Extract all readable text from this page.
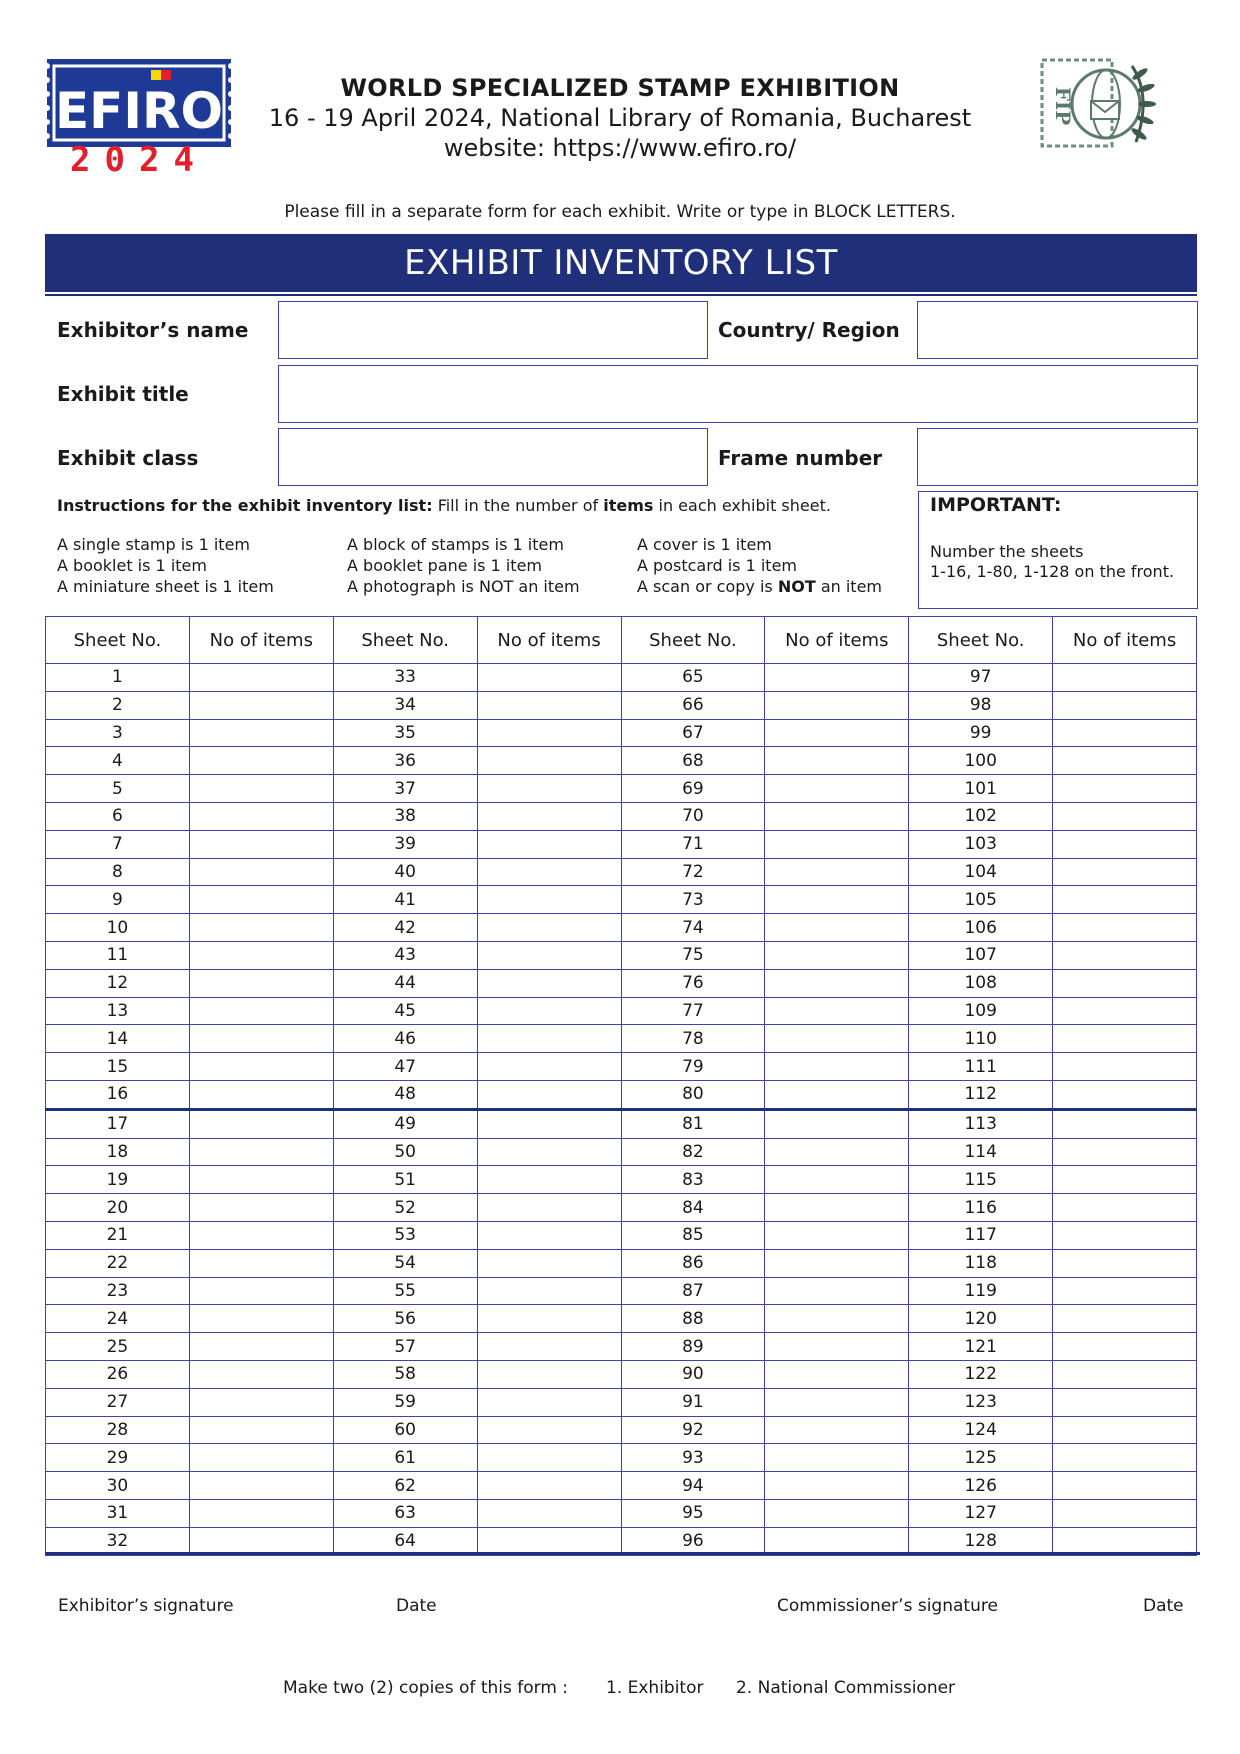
EFIRO
2024
FIP
WORLD SPECIALIZED STAMP EXHIBITION
16 - 19 April 2024, National Library of Romania, Bucharest
website: https://www.efiro.ro/
Please fill in a separate form for each exhibit. Write or type in BLOCK LETTERS.
EXHIBIT INVENTORY LIST
Exhibitor’s name	Country/ Region
Exhibit title
Exhibit class	Frame number
Instructions for the exhibit inventory list: Fill in the number of items in each exhibit sheet.
A single stamp is 1 item
A booklet is 1 item
A miniature sheet is 1 item
A block of stamps is 1 item
A booklet pane is 1 item
A photograph is NOT an item
A cover is 1 item
A postcard is 1 item
A scan or copy is NOT an item
IMPORTANT:
Number the sheets
1-16, 1-80, 1-128 on the front.
Sheet No.	No of items	Sheet No.	No of items	Sheet No.	No of items	Sheet No.	No of items
1		33		65		97	
2		34		66		98	
3		35		67		99	
4		36		68		100	
5		37		69		101	
6		38		70		102	
7		39		71		103	
8		40		72		104	
9		41		73		105	
10		42		74		106	
11		43		75		107	
12		44		76		108	
13		45		77		109	
14		46		78		110	
15		47		79		111	
16		48		80		112	
17		49		81		113	
18		50		82		114	
19		51		83		115	
20		52		84		116	
21		53		85		117	
22		54		86		118	
23		55		87		119	
24		56		88		120	
25		57		89		121	
26		58		90		122	
27		59		91		123	
28		60		92		124	
29		61		93		125	
30		62		94		126	
31		63		95		127	
32		64		96		128	
Exhibitor’s signature	Date	Commissioner’s signature	Date
Make two (2) copies of this form : 1. Exhibitor 2. National Commissioner
